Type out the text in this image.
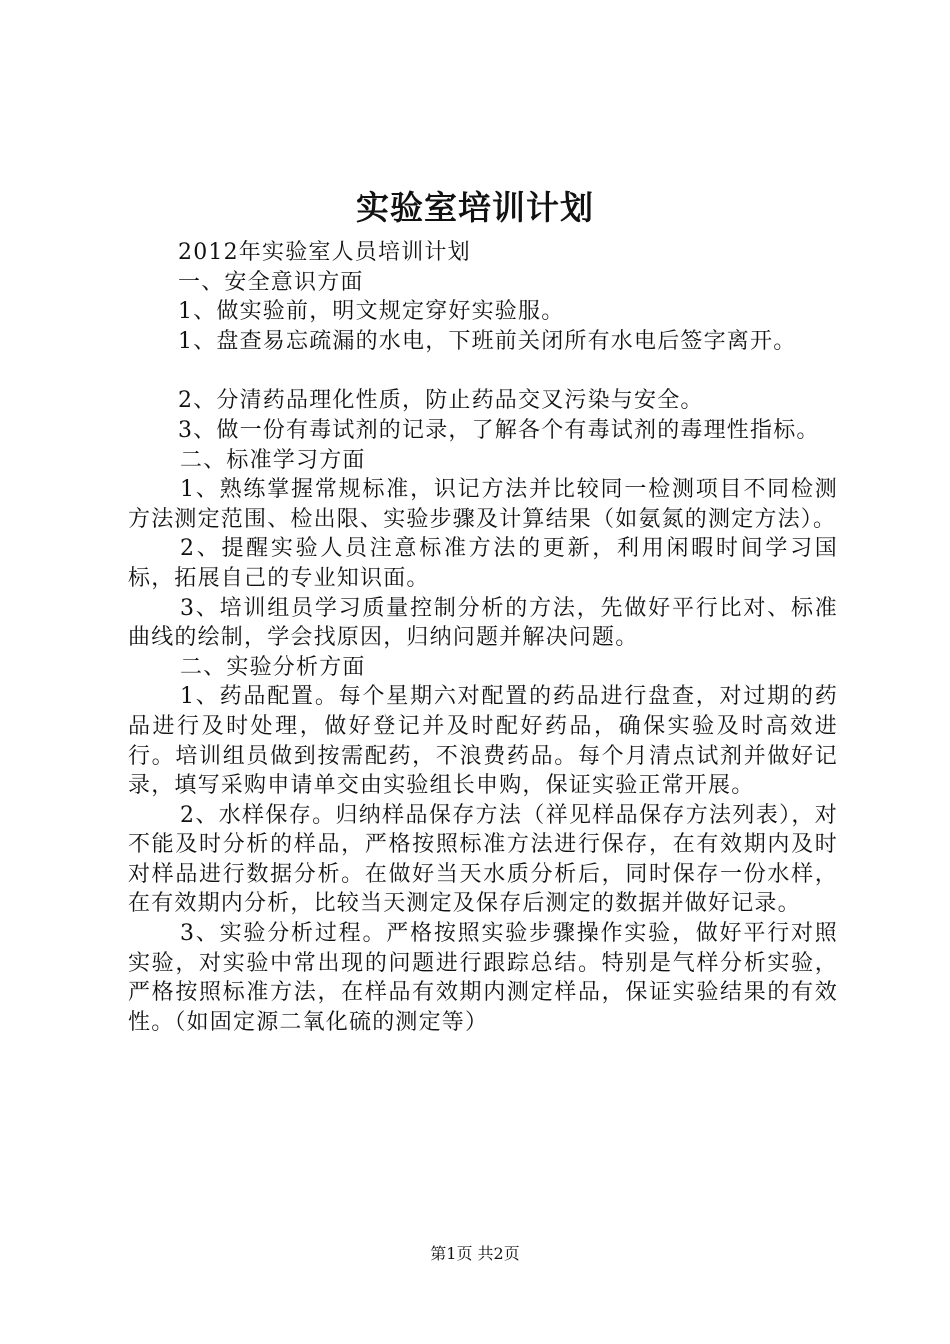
实验室培训计划

2012年实验室人员培训计划

一、安全意识方面

1、做实验前，明文规定穿好实验服。

1、盘查易忘疏漏的水电，下班前关闭所有水电后签字离开。

2、分清药品理化性质，防止药品交叉污染与安全。

3、做一份有毒试剂的记录，了解各个有毒试剂的毒理性指标。

二、标准学习方面

1、熟练掌握常规标准，识记方法并比较同一检测项目不同检测方法测定范围、检出限、实验步骤及计算结果（如氨氮的测定方法）。

2、提醒实验人员注意标准方法的更新，利用闲暇时间学习国标，拓展自己的专业知识面。

3、培训组员学习质量控制分析的方法，先做好平行比对、标准曲线的绘制，学会找原因，归纳问题并解决问题。

二、实验分析方面

1、药品配置。每个星期六对配置的药品进行盘查，对过期的药品进行及时处理，做好登记并及时配好药品，确保实验及时高效进行。培训组员做到按需配药，不浪费药品。每个月清点试剂并做好记录，填写采购申请单交由实验组长申购，保证实验正常开展。

2、水样保存。归纳样品保存方法（祥见样品保存方法列表），对不能及时分析的样品，严格按照标准方法进行保存，在有效期内及时对样品进行数据分析。在做好当天水质分析后，同时保存一份水样，在有效期内分析，比较当天测定及保存后测定的数据并做好记录。

3、实验分析过程。严格按照实验步骤操作实验，做好平行对照实验，对实验中常出现的问题进行跟踪总结。特别是气样分析实验，严格按照标准方法，在样品有效期内测定样品，保证实验结果的有效性。（如固定源二氧化硫的测定等）

第1页 共2页
